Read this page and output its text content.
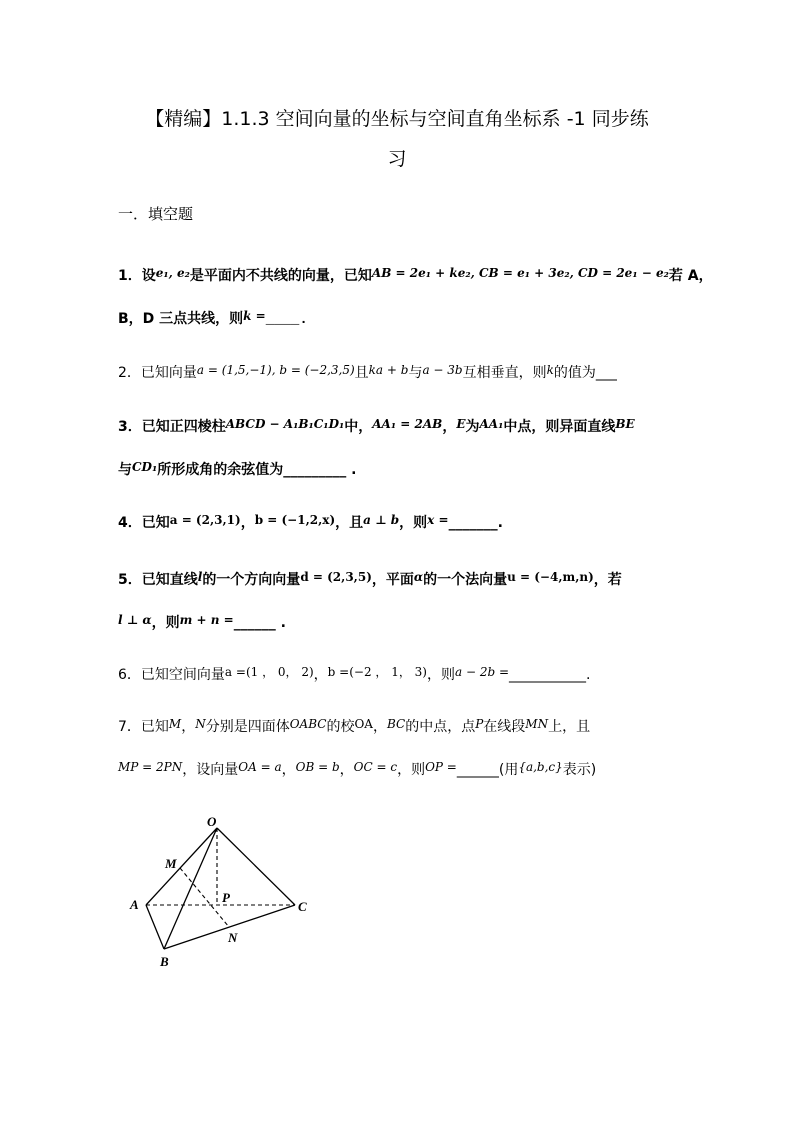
【精编】1.1.3 空间向量的坐标与空间直角坐标系 -1 同步练
习
一．填空题
1．设e₁, e₂是平面内不共线的向量，已知AB = 2e₁ + ke₂, CB = e₁ + 3e₂, CD = 2e₁ − e₂若 A，
B，D 三点共线，则k =____.
2．已知向量a = (1,5,−1), b = (−2,3,5)且ka + b与a − 3b互相垂直，则k的值为___
3．已知正四棱柱ABCD − A₁B₁C₁D₁中，AA₁ = 2AB，E为AA₁中点，则异面直线BE
与CD₁所形成角的余弦值为_________ .
4．已知a = (2,3,1)，b = (−1,2,x)，且a ⊥ b，则x =_______.
5．已知直线l的一个方向向量d = (2,3,5)，平面α的一个法向量u = (−4,m,n)，若
l ⊥ α，则m + n =______ .
6．已知空间向量a =(1 ， 0， 2)，b =(−2 ， 1， 3)，则a − 2b =___________.
7．已知M，N分别是四面体OABC的校OA，BC的中点，点P在线段MN上，且
MP = 2PN，设向量OA = a，OB = b，OC = c，则OP =______(用{a,b,c}表示)
O
M
A	P
C
N
B
